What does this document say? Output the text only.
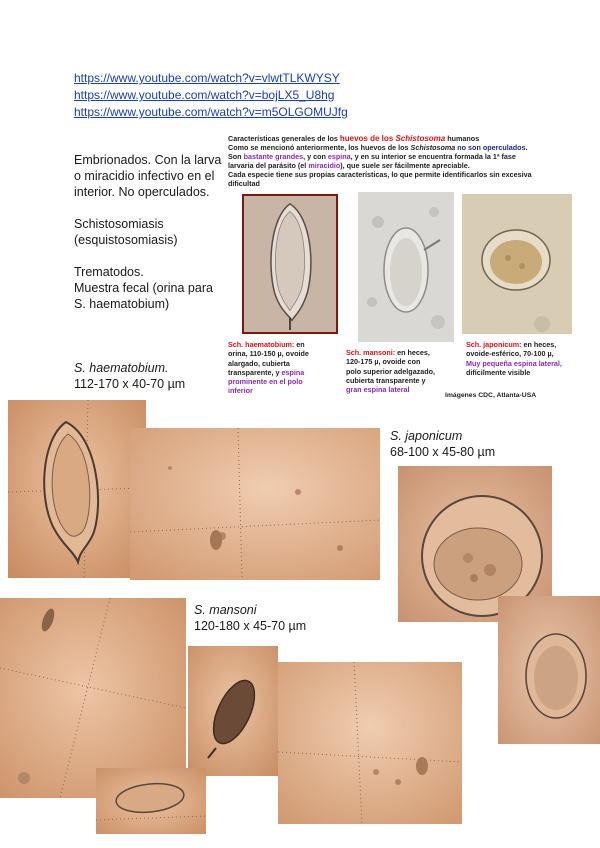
https://www.youtube.com/watch?v=vlwtTLKWYSY
https://www.youtube.com/watch?v=bojLX5_U8hg
https://www.youtube.com/watch?v=m5OLGOMUJfg
Embrionados. Con la larva
o miracidio infectivo en el
interior. No operculados.
Schistosomiasis
(esquistosomiasis)
Trematodos.
Muestra fecal (orina para
S. haematobium)
S. haematobium.
112-170 x 40-70 µm
Características generales de los huevos de los Schistosoma humanos
Como se mencionó anteriormente, los huevos de los Schistosoma no son operculados.
Son bastante grandes, y con espina, y en su interior se encuentra formada la 1ª fase
larvaria del parásito (el miracidio), que suele ser fácilmente apreciable.
Cada especie tiene sus propias características, lo que permite identificarlos sin excesiva
dificultad
Sch. haematobium: en
orina, 110-150 µ, ovoide
alargado, cubierta
transparente, y espina
prominente en el polo
inferior
Sch. mansoni: en heces,
120-175 µ, ovoide con
polo superior adelgazado,
cubierta transparente y
gran espina lateral
Sch. japonicum: en heces,
ovoide-esférico, 70-100 µ,
Muy pequeña espina lateral,
difícilmente visible
Imágenes CDC, Atlanta-USA
S. japonicum
68-100 x 45-80 µm
S. mansoni
120-180 x 45-70 µm
